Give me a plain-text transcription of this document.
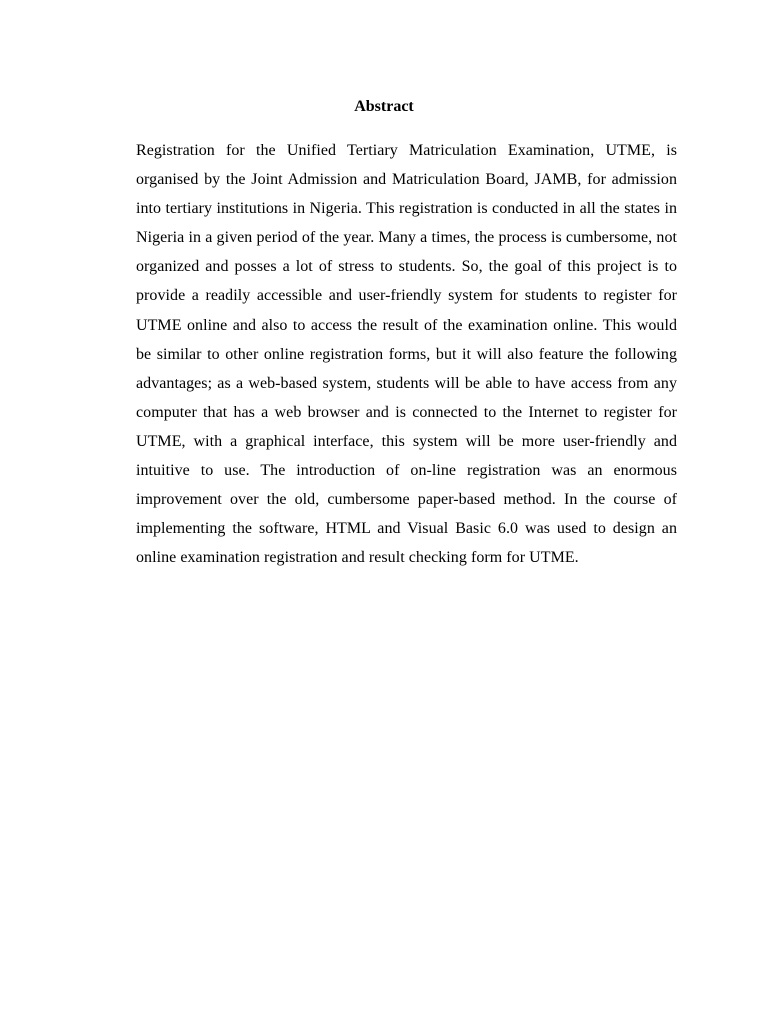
Abstract

Registration for the Unified Tertiary Matriculation Examination, UTME, is organised by the Joint Admission and Matriculation Board, JAMB, for admission into tertiary institutions in Nigeria. This registration is conducted in all the states in Nigeria in a given period of the year. Many a times, the process is cumbersome, not organized and posses a lot of stress to students. So, the goal of this project is to provide a readily accessible and user-friendly system for students to register for UTME online and also to access the result of the examination online. This would be similar to other online registration forms, but it will also feature the following advantages; as a web-based system, students will be able to have access from any computer that has a web browser and is connected to the Internet to register for UTME, with a graphical interface, this system will be more user-friendly and intuitive to use. The introduction of on-line registration was an enormous improvement over the old, cumbersome paper-based method. In the course of implementing the software, HTML and Visual Basic 6.0 was used to design an online examination registration and result checking form for UTME.
